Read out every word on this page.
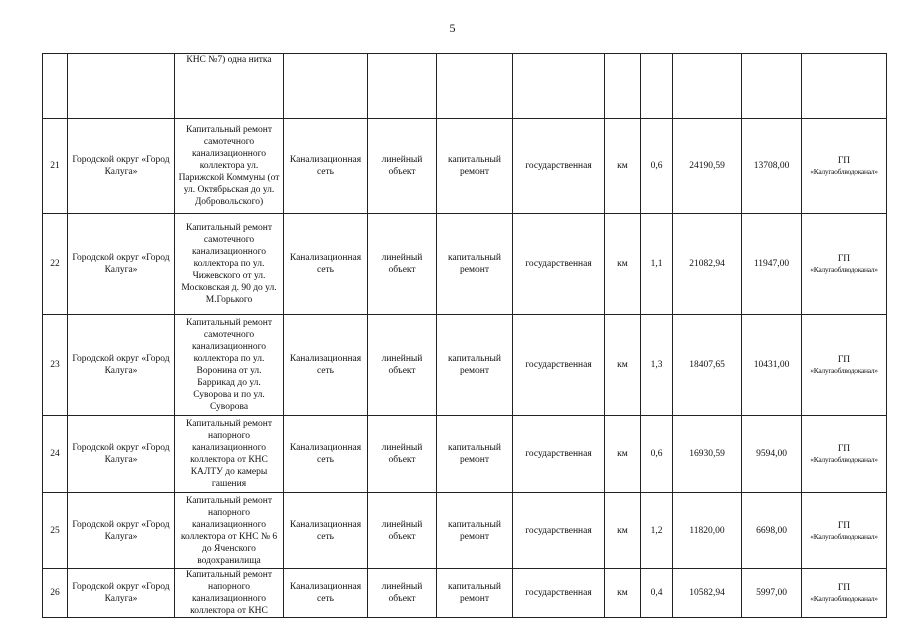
5
		КНС №7) одна нитка									
21	Городской округ «Город Калуга»	Капитальный ремонт самотечного канализационного коллектора ул. Парижской Коммуны (от ул. Октябрьская до ул. Добровольского)	Канализационная сеть	линейный объект	капитальный ремонт	государственная	км	0,6	24190,59	13708,00	ГП
«Калугаоблводоканал»

22	Городской округ «Город Калуга»	Капитальный ремонт самотечного канализационного коллектора по ул. Чижевского от ул. Московская д. 90 до ул. М.Горького	Канализационная сеть	линейный объект	капитальный ремонт	государственная	км	1,1	21082,94	11947,00	ГП
«Калугаоблводоканал»

23	Городской округ «Город Калуга»	Капитальный ремонт самотечного канализационного коллектора по ул. Воронина от ул. Баррикад до ул. Суворова и по ул. Суворова	Канализационная сеть	линейный объект	капитальный ремонт	государственная	км	1,3	18407,65	10431,00	ГП
«Калугаоблводоканал»

24	Городской округ «Город Калуга»	Капитальный ремонт напорного канализационного коллектора от КНС КАЛТУ до камеры гашения	Канализационная сеть	линейный объект	капитальный ремонт	государственная	км	0,6	16930,59	9594,00	ГП
«Калугаоблводоканал»

25	Городской округ «Город Калуга»	Капитальный ремонт напорного канализационного коллектора от КНС № 6 до Яченского водохранилища	Канализационная сеть	линейный объект	капитальный ремонт	государственная	км	1,2	11820,00	6698,00	ГП
«Калугаоблводоканал»

26	Городской округ «Город Калуга»	Капитальный ремонт напорного канализационного коллектора от КНС	Канализационная сеть	линейный объект	капитальный ремонт	государственная	км	0,4	10582,94	5997,00	ГП
«Калугаоблводоканал»
